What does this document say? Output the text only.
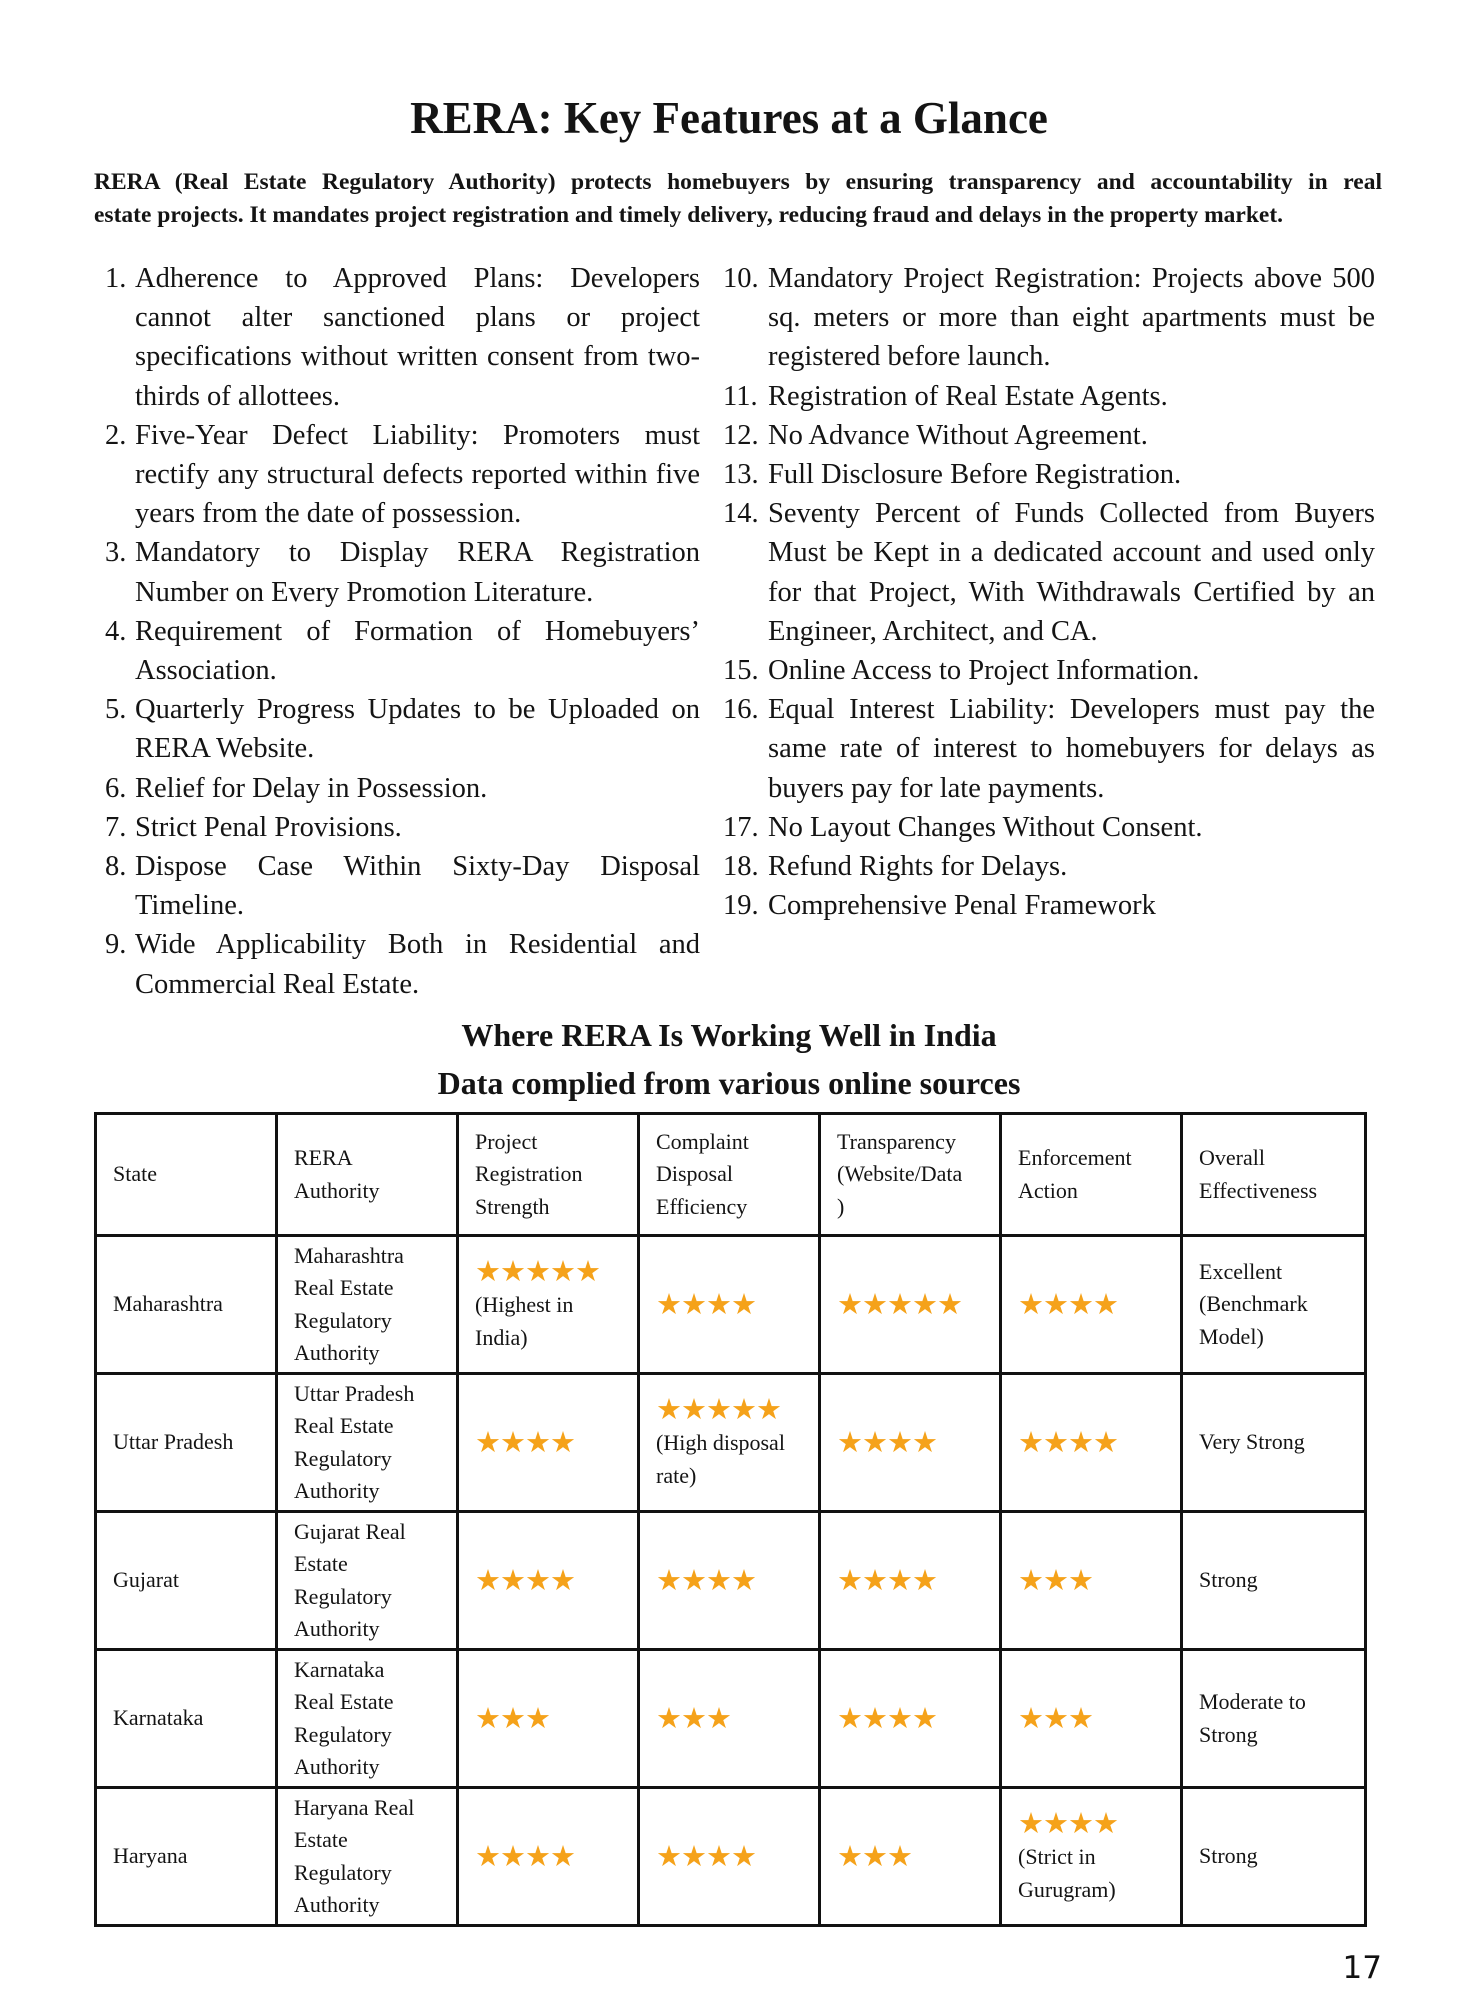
RERA: Key Features at a Glance

RERA (Real Estate Regulatory Authority) protects homebuyers by ensuring transparency and accountability in real
estate projects. It mandates project registration and timely delivery, reducing fraud and delays in the property market.

1. Adherence to Approved Plans: Developers cannot alter sanctioned plans or project specifications without written consent from two-thirds of allottees.
2. Five-Year Defect Liability: Promoters must rectify any structural defects reported within five years from the date of possession.
3. Mandatory to Display RERA Registration Number on Every Promotion Literature.
4. Requirement of Formation of Homebuyers’ Association.
5. Quarterly Progress Updates to be Uploaded on RERA Website.
6. Relief for Delay in Possession.
7. Strict Penal Provisions.
8. Dispose Case Within Sixty-Day Disposal Timeline.
9. Wide Applicability Both in Residential and Commercial Real Estate.
10. Mandatory Project Registration: Projects above 500 sq. meters or more than eight apartments must be registered before launch.
11. Registration of Real Estate Agents.
12. No Advance Without Agreement.
13. Full Disclosure Before Registration.
14. Seventy Percent of Funds Collected from Buyers Must be Kept in a dedicated account and used only for that Project, With Withdrawals Certified by an Engineer, Architect, and CA.
15. Online Access to Project Information.
16. Equal Interest Liability: Developers must pay the same rate of interest to homebuyers for delays as buyers pay for late payments.
17. No Layout Changes Without Consent.
18. Refund Rights for Delays.
19. Comprehensive Penal Framework
Where RERA Is Working Well in India
Data complied from various online sources
State	RERA
Authority	Project
Registration
Strength	Complaint
Disposal
Efficiency	Transparency
(Website/Data
)	Enforcement
Action	Overall
Effectiveness

Maharashtra	Maharashtra
Real Estate
Regulatory
Authority	★★★★★
(Highest in
India)	★★★★	★★★★★	★★★★	Excellent
(Benchmark
Model)

Uttar Pradesh	Uttar Pradesh
Real Estate
Regulatory
Authority	★★★★	★★★★★
(High disposal
rate)	★★★★	★★★★	Very Strong

Gujarat	Gujarat Real
Estate
Regulatory
Authority	★★★★	★★★★	★★★★	★★★	Strong

Karnataka	Karnataka
Real Estate
Regulatory
Authority	★★★	★★★	★★★★	★★★	Moderate to
Strong

Haryana	Haryana Real
Estate
Regulatory
Authority	★★★★	★★★★	★★★	★★★★
(Strict in
Gurugram)	Strong
17
